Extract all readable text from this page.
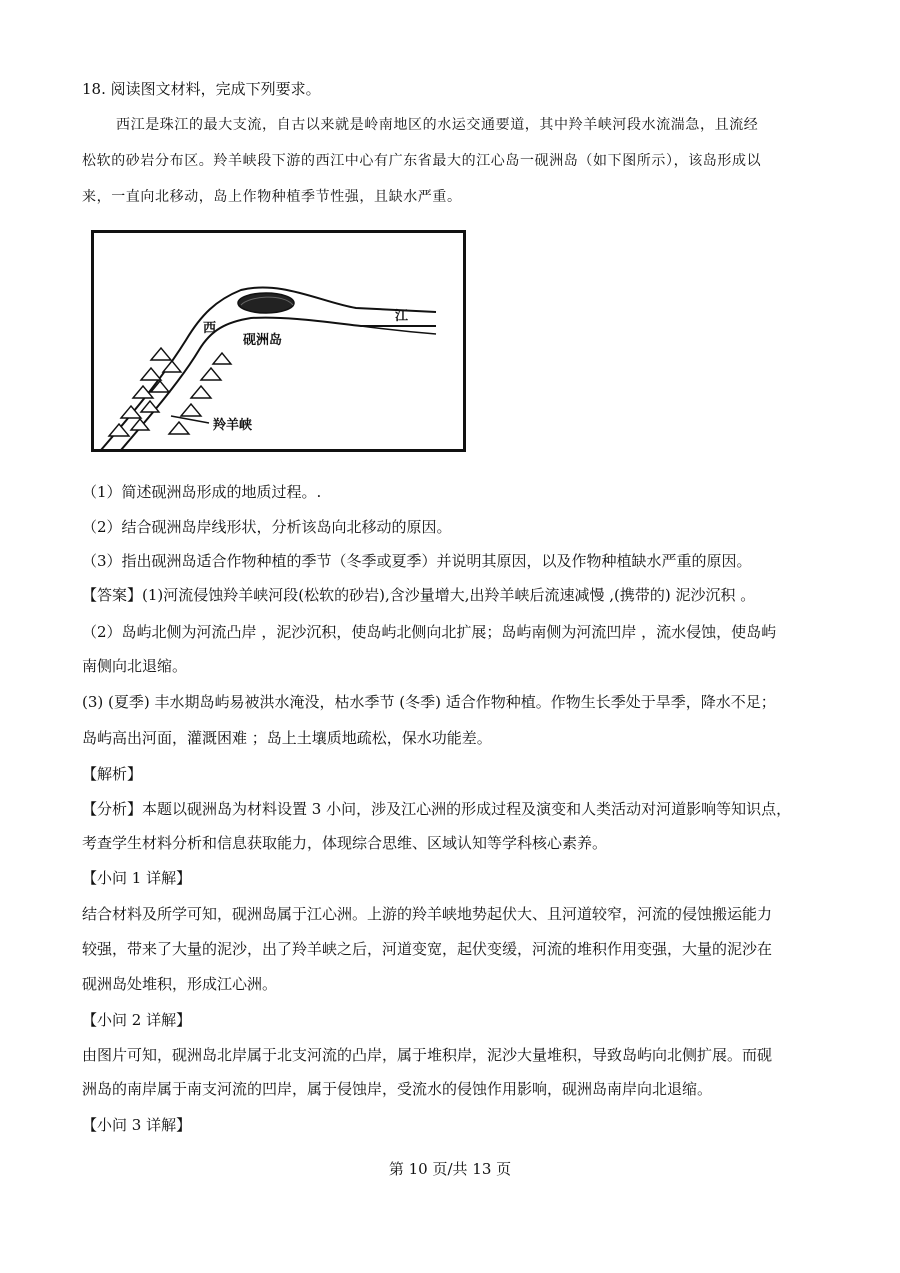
18. 阅读图文材料，完成下列要求。
西江是珠江的最大支流，自古以来就是岭南地区的水运交通要道，其中羚羊峡河段水流湍急，且流经
松软的砂岩分布区。羚羊峡段下游的西江中心有广东省最大的江心岛一砚洲岛（如下图所示），该岛形成以
来，一直向北移动，岛上作物种植季节性强，且缺水严重。
西
江
砚洲岛
羚羊峡
（1）简述砚洲岛形成的地质过程。.
（2）结合砚洲岛岸线形状，分析该岛向北移动的原因。
（3）指出砚洲岛适合作物种植的季节（冬季或夏季）并说明其原因，以及作物种植缺水严重的原因。
【答案】(1)河流侵蚀羚羊峡河段(松软的砂岩),含沙量增大,出羚羊峡后流速减慢 ,(携带的) 泥沙沉积 。
（2）岛屿北侧为河流凸岸 ，泥沙沉积，使岛屿北侧向北扩展；岛屿南侧为河流凹岸 ，流水侵蚀，使岛屿
南侧向北退缩。
(3) (夏季) 丰水期岛屿易被洪水淹没，枯水季节 (冬季) 适合作物种植。作物生长季处于旱季，降水不足；
岛屿高出河面，灌溉困难 ；岛上土壤质地疏松，保水功能差。
【解析】
【分析】本题以砚洲岛为材料设置 3 小问，涉及江心洲的形成过程及演变和人类活动对河道影响等知识点，
考查学生材料分析和信息获取能力，体现综合思维、区域认知等学科核心素养。
【小问 1 详解】
结合材料及所学可知，砚洲岛属于江心洲。上游的羚羊峡地势起伏大、且河道较窄，河流的侵蚀搬运能力
较强，带来了大量的泥沙，出了羚羊峡之后，河道变宽，起伏变缓，河流的堆积作用变强，大量的泥沙在
砚洲岛处堆积，形成江心洲。
【小问 2 详解】
由图片可知，砚洲岛北岸属于北支河流的凸岸，属于堆积岸，泥沙大量堆积，导致岛屿向北侧扩展。而砚
洲岛的南岸属于南支河流的凹岸，属于侵蚀岸，受流水的侵蚀作用影响，砚洲岛南岸向北退缩。
【小问 3 详解】
第 10 页/共 13 页
